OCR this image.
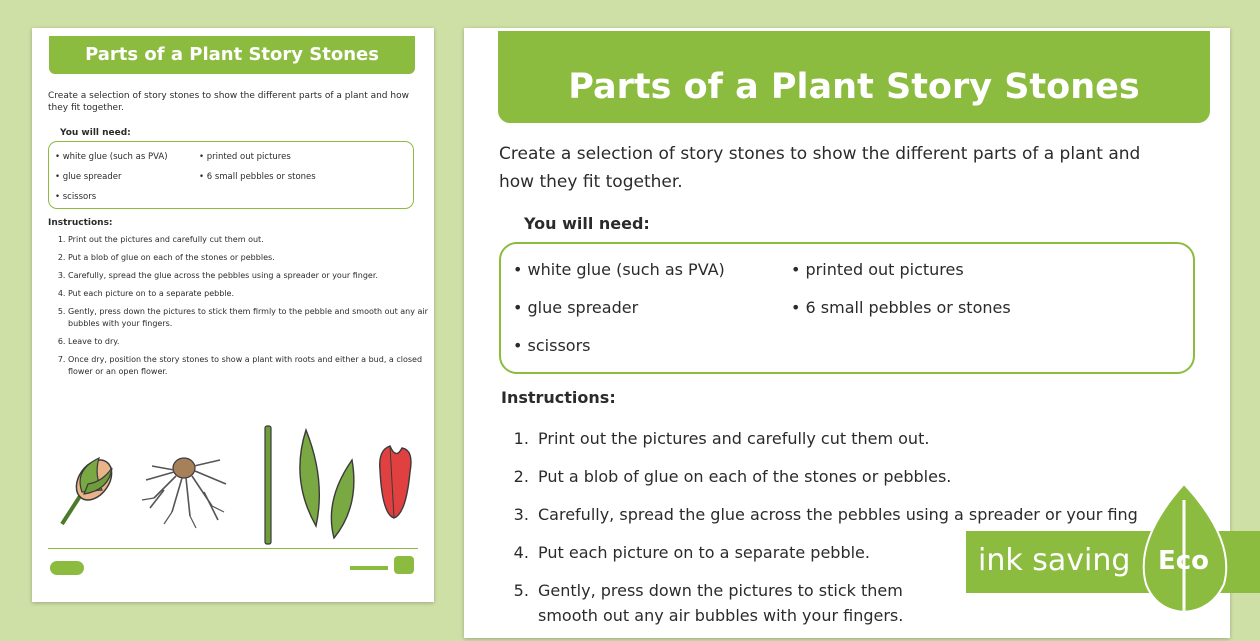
Parts of a Plant Story Stones
Create a selection of story stones to show the different parts of a plant and how they fit together.
You will need:
• white glue (such as PVA)	• printed out pictures
• glue spreader	• 6 small pebbles or stones
• scissors
Instructions:
1. Print out the pictures and carefully cut them out.
2. Put a blob of glue on each of the stones or pebbles.
3. Carefully, spread the glue across the pebbles using a spreader or your finger.
4. Put each picture on to a separate pebble.
5. Gently, press down the pictures to stick them firmly to the pebble and smooth out any air bubbles with your fingers.
6. Leave to dry.
7. Once dry, position the story stones to show a plant with roots and either a bud, a closed flower or an open flower.
Parts of a Plant Story Stones
Create a selection of story stones to show the different parts of a plant and
how they fit together.
You will need:
• white glue (such as PVA)	• printed out pictures
• glue spreader	• 6 small pebbles or stones
• scissors
Instructions:
1. Print out the pictures and carefully cut them out.
2. Put a blob of glue on each of the stones or pebbles.
3. Carefully, spread the glue across the pebbles using a spreader or your fing
4. Put each picture on to a separate pebble.
5. Gently, press down the pictures to stick them
smooth out any air bubbles with your fingers.
ink saving Eco
